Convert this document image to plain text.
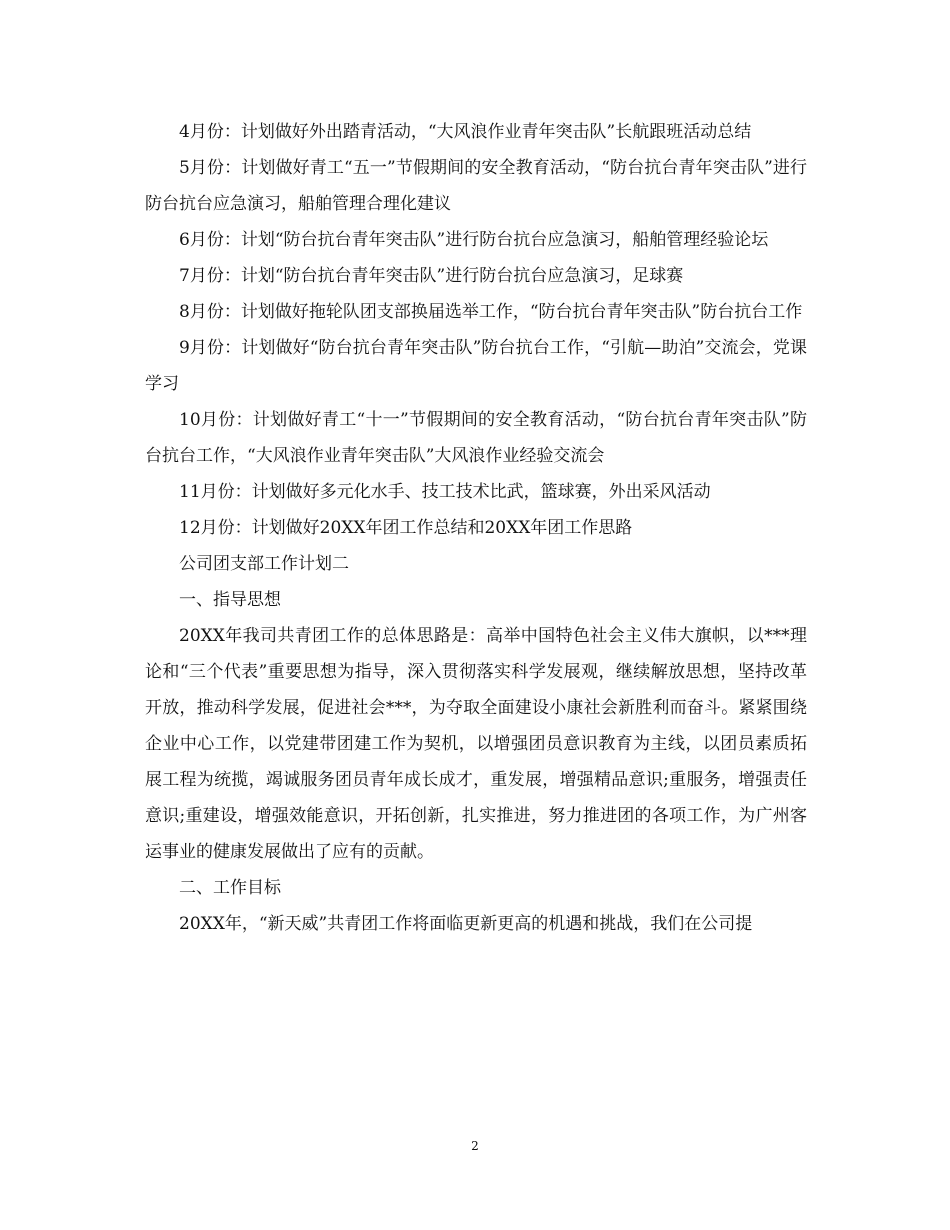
4月份：计划做好外出踏青活动，“大风浪作业青年突击队”长航跟班活动总结

5月份：计划做好青工“五一”节假期间的安全教育活动，“防台抗台青年突击队”进行防台抗台应急演习，船舶管理合理化建议

6月份：计划“防台抗台青年突击队”进行防台抗台应急演习，船舶管理经验论坛

7月份：计划“防台抗台青年突击队”进行防台抗台应急演习，足球赛

8月份：计划做好拖轮队团支部换届选举工作，“防台抗台青年突击队”防台抗台工作

9月份：计划做好“防台抗台青年突击队”防台抗台工作，“引航—助泊”交流会，党课学习

10月份：计划做好青工“十一”节假期间的安全教育活动，“防台抗台青年突击队”防台抗台工作，“大风浪作业青年突击队”大风浪作业经验交流会

11月份：计划做好多元化水手、技工技术比武，篮球赛，外出采风活动

12月份：计划做好20XX年团工作总结和20XX年团工作思路

公司团支部工作计划二

一、指导思想

20XX年我司共青团工作的总体思路是：高举中国特色社会主义伟大旗帜，以***理论和“三个代表”重要思想为指导，深入贯彻落实科学发展观，继续解放思想，坚持改革开放，推动科学发展，促进社会***，为夺取全面建设小康社会新胜利而奋斗。紧紧围绕企业中心工作，以党建带团建工作为契机，以增强团员意识教育为主线，以团员素质拓展工程为统揽，竭诚服务团员青年成长成才，重发展，增强精品意识;重服务，增强责任意识;重建设，增强效能意识，开拓创新，扎实推进，努力推进团的各项工作，为广州客运事业的健康发展做出了应有的贡献。

二、工作目标

20XX年，“新天威”共青团工作将面临更新更高的机遇和挑战，我们在公司提

2
